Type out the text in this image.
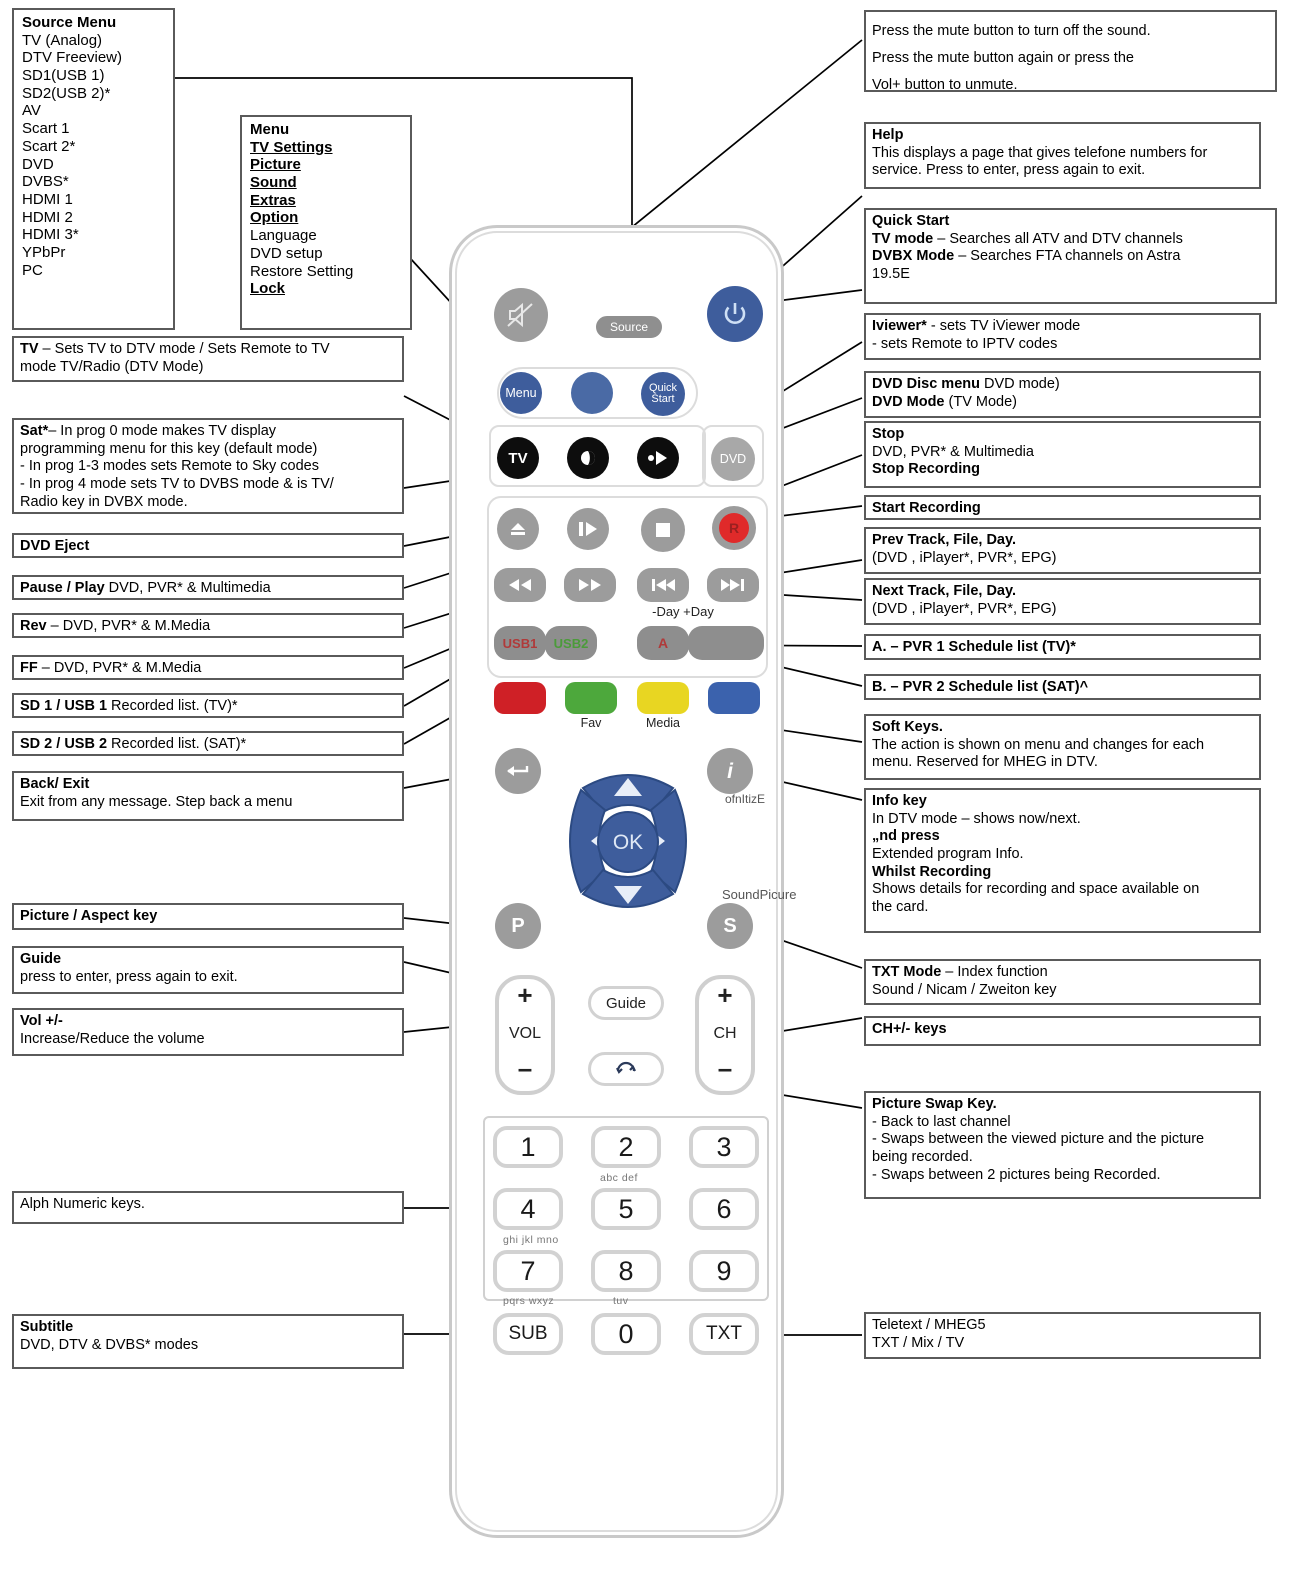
Source Menu
TV (Analog)
DTV Freeview)
SD1(USB 1)
SD2(USB 2)*
AV
Scart 1
Scart 2*
DVD
DVBS*
HDMI 1
HDMI 2
HDMI 3*
YPbPr
PC
Menu
TV Settings
Picture
Sound
Extras
Option
Language
DVD setup
Restore Setting
Lock
TV – Sets TV to DTV mode / Sets Remote to TV
mode TV/Radio (DTV Mode)
Sat*– In prog 0 mode makes TV display
programming menu for this key (default mode)
- In prog 1-3 modes sets Remote to Sky codes
- In prog 4 mode sets TV to DVBS mode & is TV/
Radio key in DVBX mode.
DVD Eject
Pause / Play DVD, PVR* & Multimedia
Rev – DVD, PVR* & M.Media
FF – DVD, PVR* & M.Media
SD 1 / USB 1 Recorded list. (TV)*
SD 2 / USB 2 Recorded list. (SAT)*
Back/ Exit
Exit from any message. Step back a menu
Picture / Aspect key
Guide
press to enter, press again to exit.
Vol +/-
Increase/Reduce the volume
Alph Numeric keys.
Subtitle
DVD, DTV & DVBS* modes
Press the mute button to turn off the sound.
Press the mute button again or press the
Vol+ button to unmute.
Help
This displays a page that gives telefone numbers for
service. Press to enter, press again to exit.
Quick Start
TV mode – Searches all ATV and DTV channels
DVBX Mode – Searches FTA channels on Astra
19.5E
Iviewer* - sets TV iViewer mode
- sets Remote to IPTV codes
DVD Disc menu DVD mode)
DVD Mode (TV Mode)
Stop
DVD, PVR* & Multimedia
Stop Recording
Start Recording
Prev Track, File, Day.
(DVD , iPlayer*, PVR*, EPG)
Next Track, File, Day.
(DVD , iPlayer*, PVR*, EPG)
A. – PVR 1 Schedule list (TV)*
B. – PVR 2 Schedule list (SAT)^
Soft Keys.
The action is shown on menu and changes for each
menu. Reserved for MHEG in DTV.
Info key
In DTV mode – shows now/next.
„nd press
Extended program Info.
Whilst Recording
Shows details for recording and space available on
the card.
TXT Mode – Index function
Sound / Nicam / Zweiton key
CH+/- keys
Picture Swap Key.
- Back to last channel
- Swaps between the viewed picture and the picture
being recorded.
- Swaps between 2 pictures being Recorded.
Teletext / MHEG5
TXT / Mix / TV
Source
Menu	Quick
Start
TV	DVD
R
-Day +Day
USB1 USB2	A
Fav	Media
i
ofnItizE
OK
P
SoundPicure
S
+
VOL
–
+
CH
–
Guide
1	2	3
abc def
4	5	6
ghi jkl mno
7	8	9
pqrs wxyz	tuv
SUB	0	TXT
